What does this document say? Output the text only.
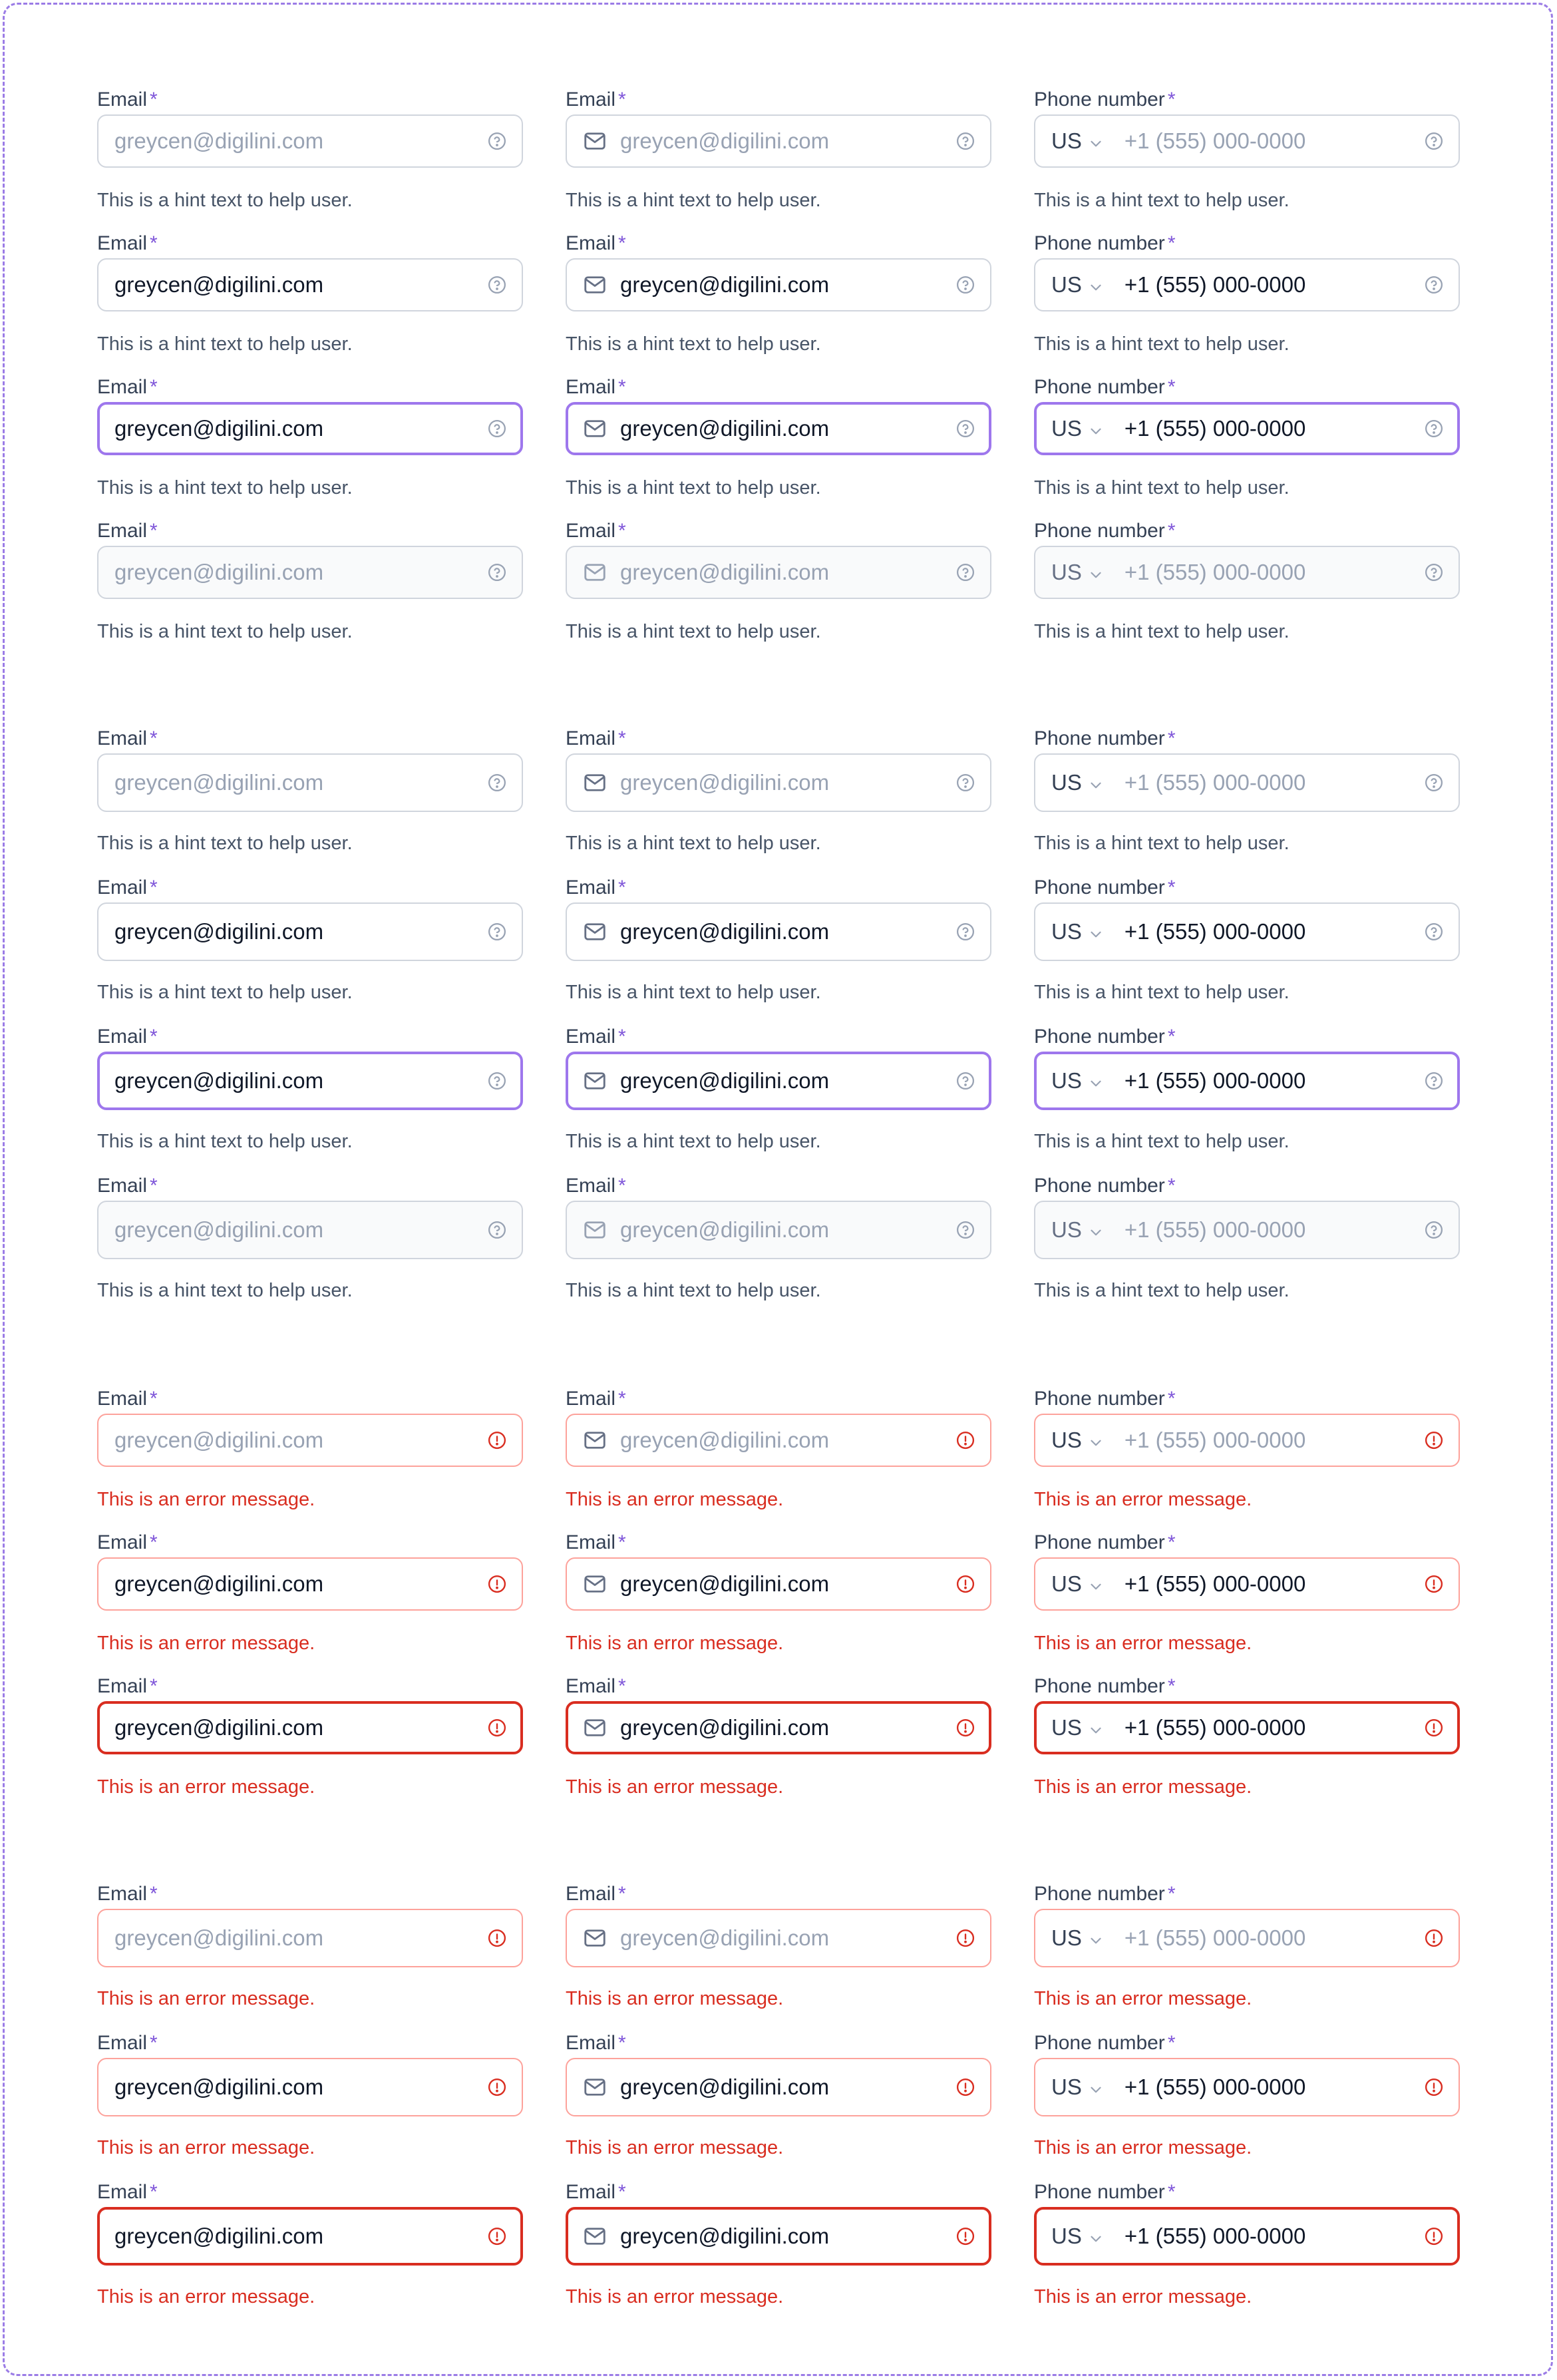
Email *
greycen@digilini.com
This is a hint text to help user.
Email *
greycen@digilini.com
This is a hint text to help user.
Phone number *
US +1 (555) 000-0000
This is a hint text to help user.
Email *
greycen@digilini.com
This is a hint text to help user.
Email *
greycen@digilini.com
This is a hint text to help user.
Phone number *
US +1 (555) 000-0000
This is a hint text to help user.
Email *
greycen@digilini.com
This is a hint text to help user.
Email *
greycen@digilini.com
This is a hint text to help user.
Phone number *
US +1 (555) 000-0000
This is a hint text to help user.
Email *
greycen@digilini.com
This is a hint text to help user.
Email *
greycen@digilini.com
This is a hint text to help user.
Phone number *
US +1 (555) 000-0000
This is a hint text to help user.
Email *
greycen@digilini.com
This is a hint text to help user.
Email *
greycen@digilini.com
This is a hint text to help user.
Phone number *
US +1 (555) 000-0000
This is a hint text to help user.
Email *
greycen@digilini.com
This is a hint text to help user.
Email *
greycen@digilini.com
This is a hint text to help user.
Phone number *
US +1 (555) 000-0000
This is a hint text to help user.
Email *
greycen@digilini.com
This is a hint text to help user.
Email *
greycen@digilini.com
This is a hint text to help user.
Phone number *
US +1 (555) 000-0000
This is a hint text to help user.
Email *
greycen@digilini.com
This is a hint text to help user.
Email *
greycen@digilini.com
This is a hint text to help user.
Phone number *
US +1 (555) 000-0000
This is a hint text to help user.
Email *
greycen@digilini.com
This is an error message.
Email *
greycen@digilini.com
This is an error message.
Phone number *
US +1 (555) 000-0000
This is an error message.
Email *
greycen@digilini.com
This is an error message.
Email *
greycen@digilini.com
This is an error message.
Phone number *
US +1 (555) 000-0000
This is an error message.
Email *
greycen@digilini.com
This is an error message.
Email *
greycen@digilini.com
This is an error message.
Phone number *
US +1 (555) 000-0000
This is an error message.
Email *
greycen@digilini.com
This is an error message.
Email *
greycen@digilini.com
This is an error message.
Phone number *
US +1 (555) 000-0000
This is an error message.
Email *
greycen@digilini.com
This is an error message.
Email *
greycen@digilini.com
This is an error message.
Phone number *
US +1 (555) 000-0000
This is an error message.
Email *
greycen@digilini.com
This is an error message.
Email *
greycen@digilini.com
This is an error message.
Phone number *
US +1 (555) 000-0000
This is an error message.
